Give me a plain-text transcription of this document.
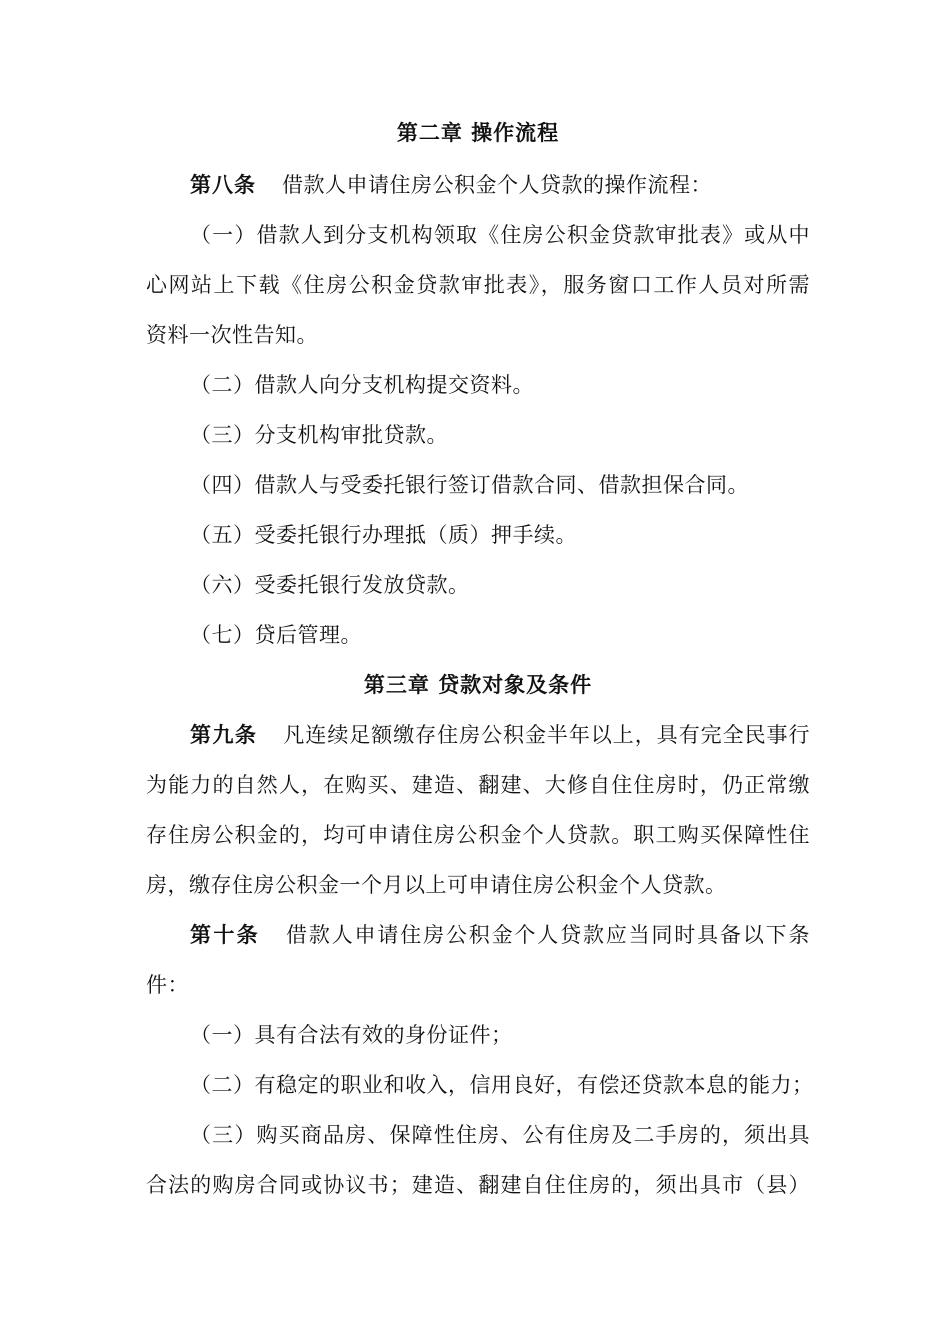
第二章 操作流程
第八条 借款人申请住房公积金个人贷款的操作流程：
（一）借款人到分支机构领取《住房公积金贷款审批表》或从中
心网站上下载《住房公积金贷款审批表》，服务窗口工作人员对所需
资料一次性告知。
（二）借款人向分支机构提交资料。
（三）分支机构审批贷款。
（四）借款人与受委托银行签订借款合同、借款担保合同。
（五）受委托银行办理抵（质）押手续。
（六）受委托银行发放贷款。
（七）贷后管理。
第三章 贷款对象及条件
第九条 凡连续足额缴存住房公积金半年以上，具有完全民事行
为能力的自然人，在购买、建造、翻建、大修自住住房时，仍正常缴
存住房公积金的，均可申请住房公积金个人贷款。职工购买保障性住
房，缴存住房公积金一个月以上可申请住房公积金个人贷款。
第十条 借款人申请住房公积金个人贷款应当同时具备以下条
件：
（一）具有合法有效的身份证件；
（二）有稳定的职业和收入，信用良好，有偿还贷款本息的能力；
（三）购买商品房、保障性住房、公有住房及二手房的，须出具
合法的购房合同或协议书；建造、翻建自住住房的，须出具市（县）
